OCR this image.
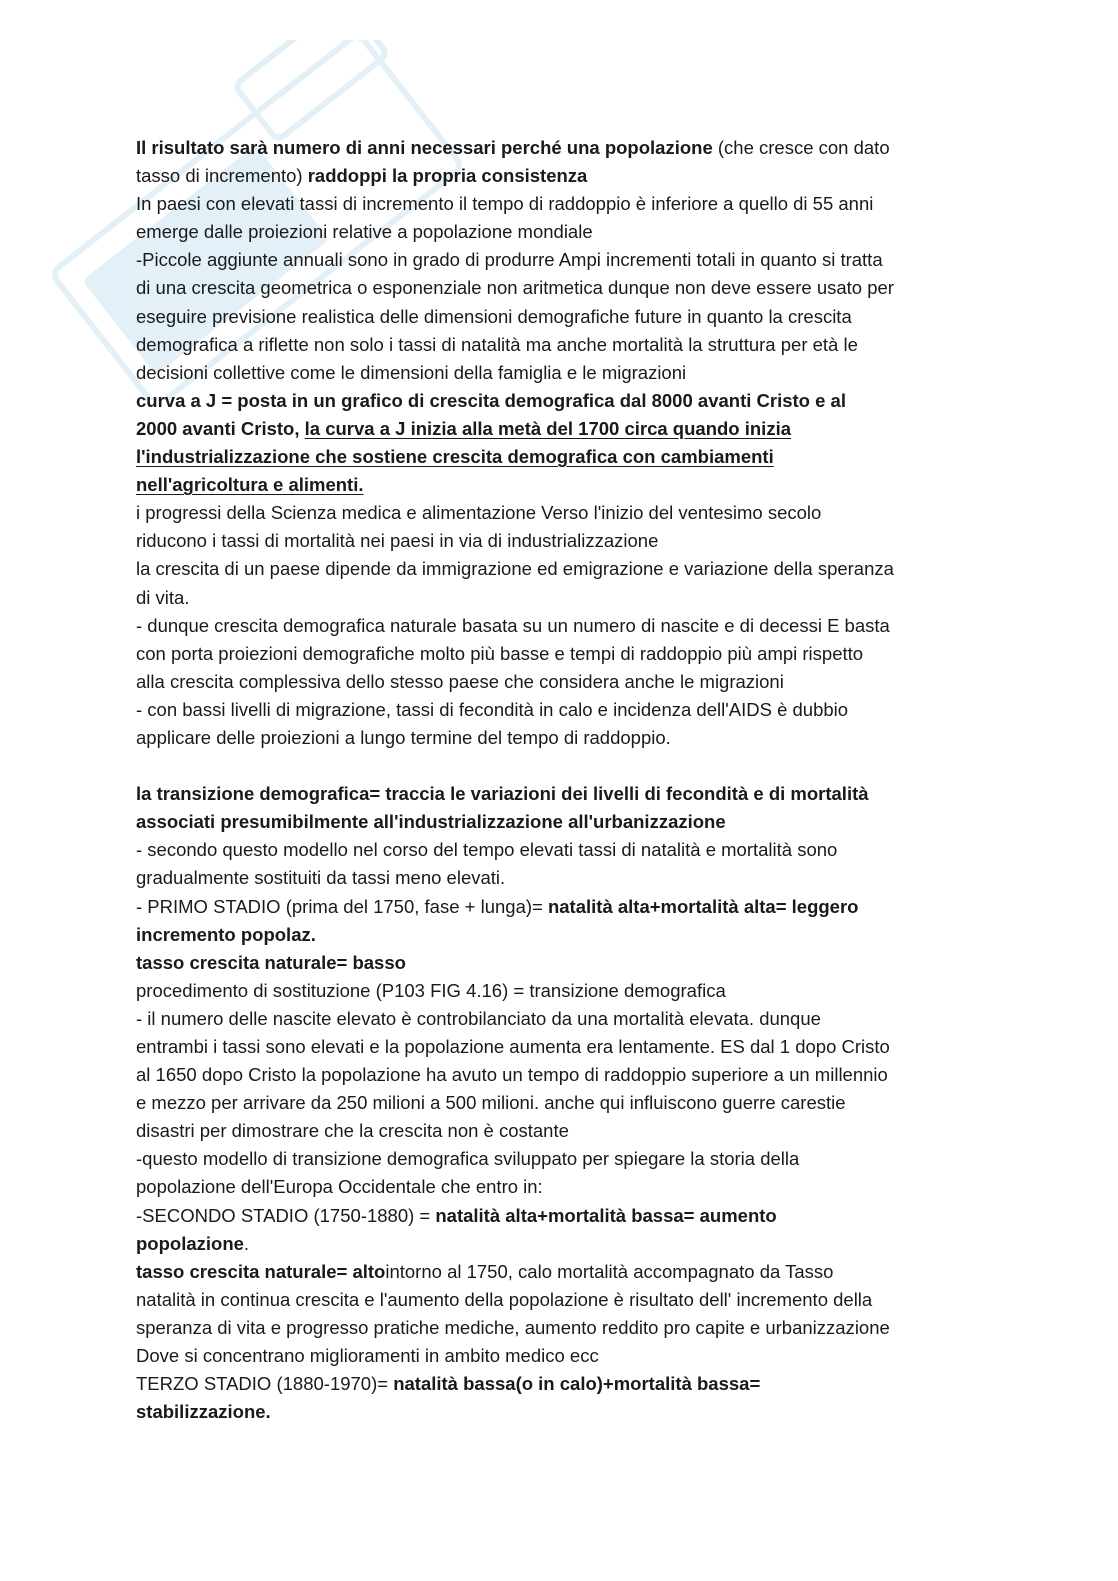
Il risultato sarà numero di anni necessari perché una popolazione (che cresce con dato
tasso di incremento) raddoppi la propria consistenza
In paesi con elevati tassi di incremento il tempo di raddoppio è inferiore a quello di 55 anni
emerge dalle proiezioni relative a popolazione mondiale
-Piccole aggiunte annuali sono in grado di produrre Ampi incrementi totali in quanto si tratta
di una crescita geometrica o esponenziale non aritmetica dunque non deve essere usato per
eseguire previsione realistica delle dimensioni demografiche future in quanto la crescita
demografica a riflette non solo i tassi di natalità ma anche mortalità la struttura per età le
decisioni collettive come le dimensioni della famiglia e le migrazioni
curva a J = posta in un grafico di crescita demografica dal 8000 avanti Cristo e al
2000 avanti Cristo, la curva a J inizia alla metà del 1700 circa quando inizia
l'industrializzazione che sostiene crescita demografica con cambiamenti
nell'agricoltura e alimenti.
i progressi della Scienza medica e alimentazione Verso l'inizio del ventesimo secolo
riducono i tassi di mortalità nei paesi in via di industrializzazione
la crescita di un paese dipende da immigrazione ed emigrazione e variazione della speranza
di vita.
- dunque crescita demografica naturale basata su un numero di nascite e di decessi E basta
con porta proiezioni demografiche molto più basse e tempi di raddoppio più ampi rispetto
alla crescita complessiva dello stesso paese che considera anche le migrazioni
- con bassi livelli di migrazione, tassi di fecondità in calo e incidenza dell'AIDS è dubbio
applicare delle proiezioni a lungo termine del tempo di raddoppio.
la transizione demografica= traccia le variazioni dei livelli di fecondità e di mortalità
associati presumibilmente all'industrializzazione all'urbanizzazione
- secondo questo modello nel corso del tempo elevati tassi di natalità e mortalità sono
gradualmente sostituiti da tassi meno elevati.
- PRIMO STADIO (prima del 1750, fase + lunga)= natalità alta+mortalità alta= leggero
incremento popolaz.
tasso crescita naturale= basso
procedimento di sostituzione (P103 FIG 4.16) = transizione demografica
- il numero delle nascite elevato è controbilanciato da una mortalità elevata. dunque
entrambi i tassi sono elevati e la popolazione aumenta era lentamente. ES dal 1 dopo Cristo
al 1650 dopo Cristo la popolazione ha avuto un tempo di raddoppio superiore a un millennio
e mezzo per arrivare da 250 milioni a 500 milioni. anche qui influiscono guerre carestie
disastri per dimostrare che la crescita non è costante
-questo modello di transizione demografica sviluppato per spiegare la storia della
popolazione dell'Europa Occidentale che entro in:
-SECONDO STADIO (1750-1880) = natalità alta+mortalità bassa= aumento
popolazione.
tasso crescita naturale= altointorno al 1750, calo mortalità accompagnato da Tasso
natalità in continua crescita e l'aumento della popolazione è risultato dell' incremento della
speranza di vita e progresso pratiche mediche, aumento reddito pro capite e urbanizzazione
Dove si concentrano miglioramenti in ambito medico ecc
TERZO STADIO (1880-1970)= natalità bassa(o in calo)+mortalità bassa=
stabilizzazione.
